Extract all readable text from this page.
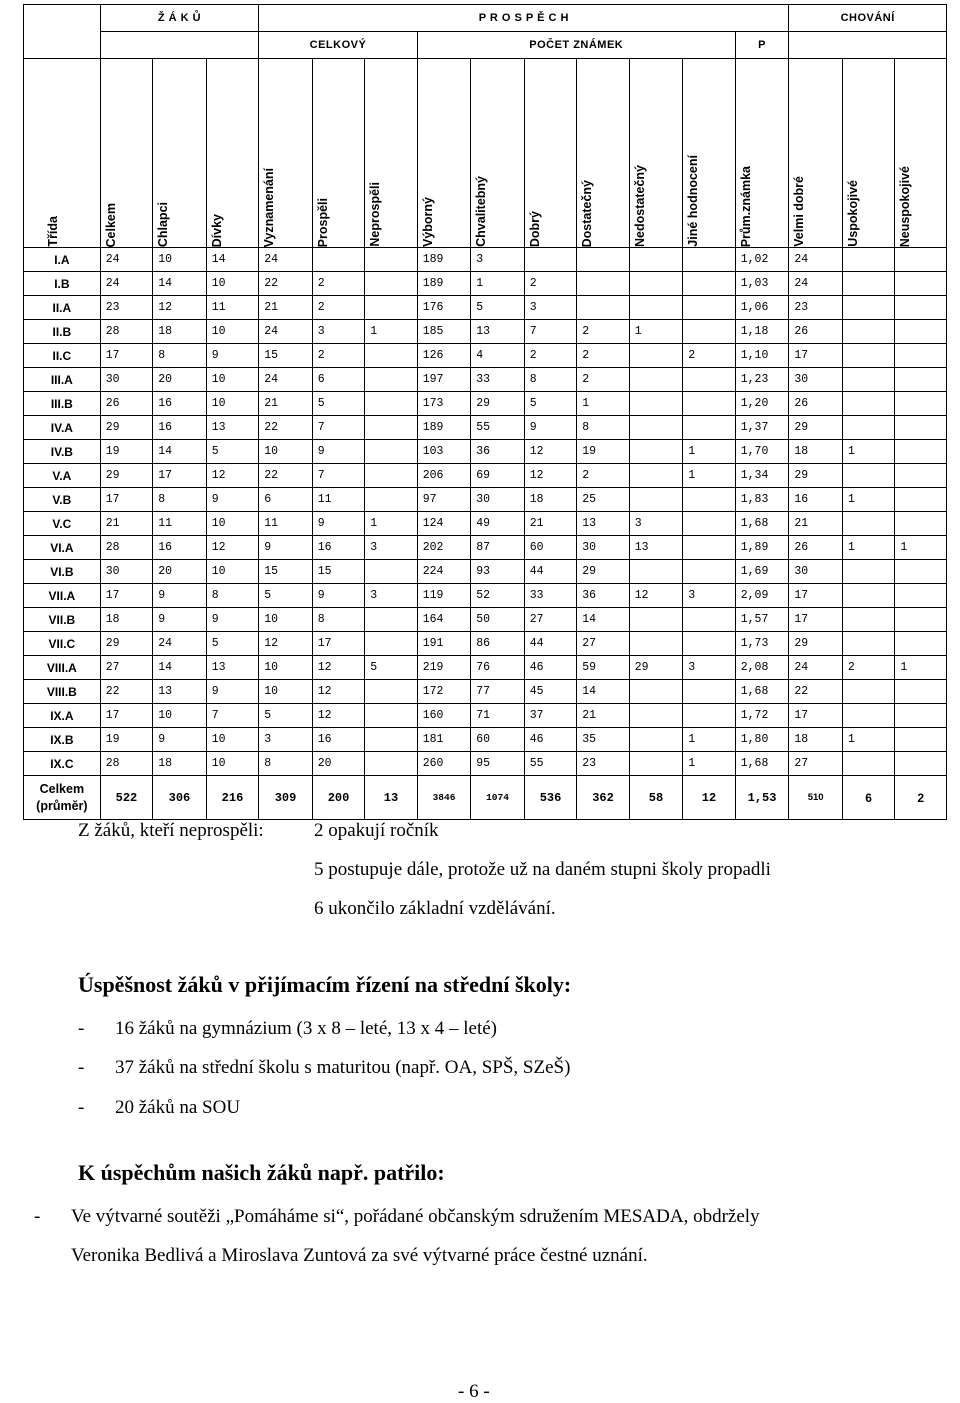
	Ž Á K Ů			P R O S P Ě C H										CHOVÁNÍ		
				CELKOVÝ			POČET ZNÁMEK						P			

Třída	Celkem	Chlapci	Dívky	Vyznamenání	Prospěli	Neprospěli	Výborný	Chvalitebný	Dobrý	Dostatečný	Nedostatečný	Jiné hodnocení	Prům.známka	Velmi dobré	Uspokojivé	Neuspokojivé

I.A	24	10	14	24			189	3					1,02	24		
I.B	24	14	10	22	2		189	1	2				1,03	24		
II.A	23	12	11	21	2		176	5	3				1,06	23		
II.B	28	18	10	24	3	1	185	13	7	2	1		1,18	26		
II.C	17	8	9	15	2		126	4	2	2		2	1,10	17		
III.A	30	20	10	24	6		197	33	8	2			1,23	30		
III.B	26	16	10	21	5		173	29	5	1			1,20	26		
IV.A	29	16	13	22	7		189	55	9	8			1,37	29		
IV.B	19	14	5	10	9		103	36	12	19		1	1,70	18	1	
V.A	29	17	12	22	7		206	69	12	2		1	1,34	29		
V.B	17	8	9	6	11		97	30	18	25			1,83	16	1	
V.C	21	11	10	11	9	1	124	49	21	13	3		1,68	21		
VI.A	28	16	12	9	16	3	202	87	60	30	13		1,89	26	1	1
VI.B	30	20	10	15	15		224	93	44	29			1,69	30		
VII.A	17	9	8	5	9	3	119	52	33	36	12	3	2,09	17		
VII.B	18	9	9	10	8		164	50	27	14			1,57	17		
VII.C	29	24	5	12	17		191	86	44	27			1,73	29		
VIII.A	27	14	13	10	12	5	219	76	46	59	29	3	2,08	24	2	1
VIII.B	22	13	9	10	12		172	77	45	14			1,68	22		
IX.A	17	10	7	5	12		160	71	37	21			1,72	17		
IX.B	19	9	10	3	16		181	60	46	35		1	1,80	18	1	
IX.C	28	18	10	8	20		260	95	55	23		1	1,68	27		

Celkem
(průměr)	522	306	216	309	200	13	3846	1074	536	362	58	12	1,53	510	6	2
Z žáků, kteří neprospěli:	2 opakují ročník
5 postupuje dále, protože už na daném stupni školy propadli
6 ukončilo základní vzdělávání.
Úspěšnost žáků v přijímacím řízení na střední školy:
- 16 žáků na gymnázium (3 x 8 – leté, 13 x 4 – leté)
- 37 žáků na střední školu s maturitou (např. OA, SPŠ, SZeŠ)
- 20 žáků na SOU
K úspěchům našich žáků např. patřilo:
- Ve výtvarné soutěži „Pomáháme si“, pořádané občanským sdružením MESADA, obdržely
Veronika Bedlivá a Miroslava Zuntová za své výtvarné práce čestné uznání.
- 6 -
